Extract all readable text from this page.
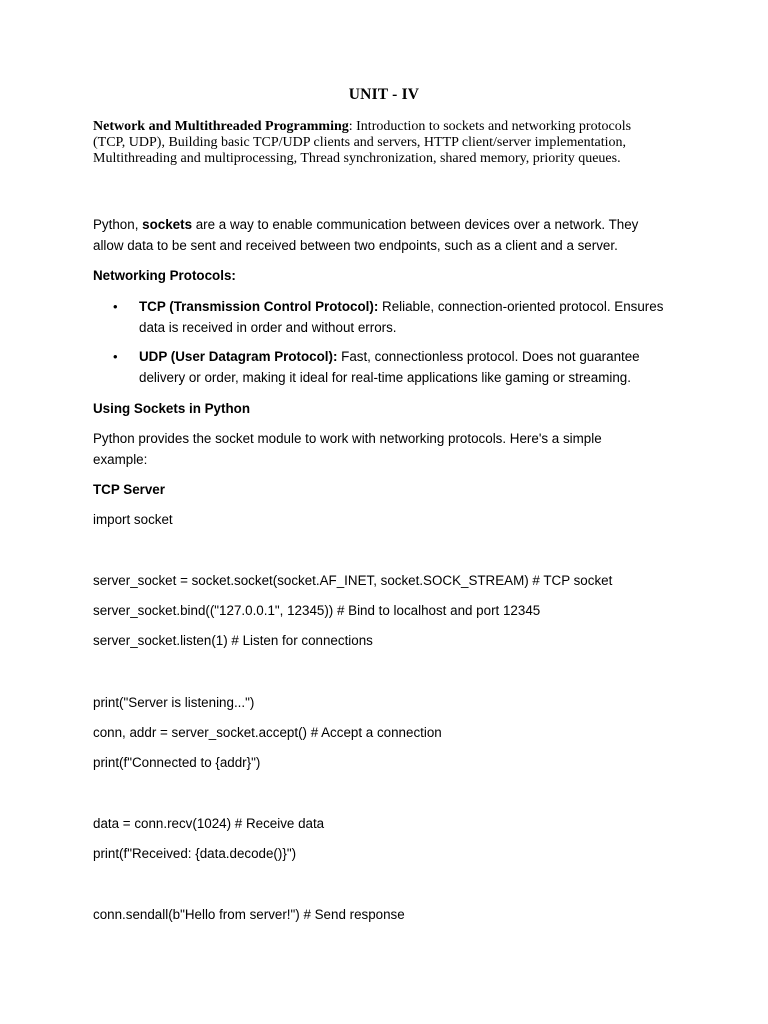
UNIT - IV
Network and Multithreaded Programming: Introduction to sockets and networking protocols
(TCP, UDP), Building basic TCP/UDP clients and servers, HTTP client/server implementation,
Multithreading and multiprocessing, Thread synchronization, shared memory, priority queues.
Python, sockets are a way to enable communication between devices over a network. They
allow data to be sent and received between two endpoints, such as a client and a server.
Networking Protocols:
• TCP (Transmission Control Protocol): Reliable, connection-oriented protocol. Ensures
data is received in order and without errors.
• UDP (User Datagram Protocol): Fast, connectionless protocol. Does not guarantee
delivery or order, making it ideal for real-time applications like gaming or streaming.
Using Sockets in Python
Python provides the socket module to work with networking protocols. Here's a simple
example:
TCP Server
import socket
server_socket = socket.socket(socket.AF_INET, socket.SOCK_STREAM) # TCP socket
server_socket.bind(("127.0.0.1", 12345)) # Bind to localhost and port 12345
server_socket.listen(1) # Listen for connections
print("Server is listening...")
conn, addr = server_socket.accept() # Accept a connection
print(f"Connected to {addr}")
data = conn.recv(1024) # Receive data
print(f"Received: {data.decode()}")
conn.sendall(b"Hello from server!") # Send response
